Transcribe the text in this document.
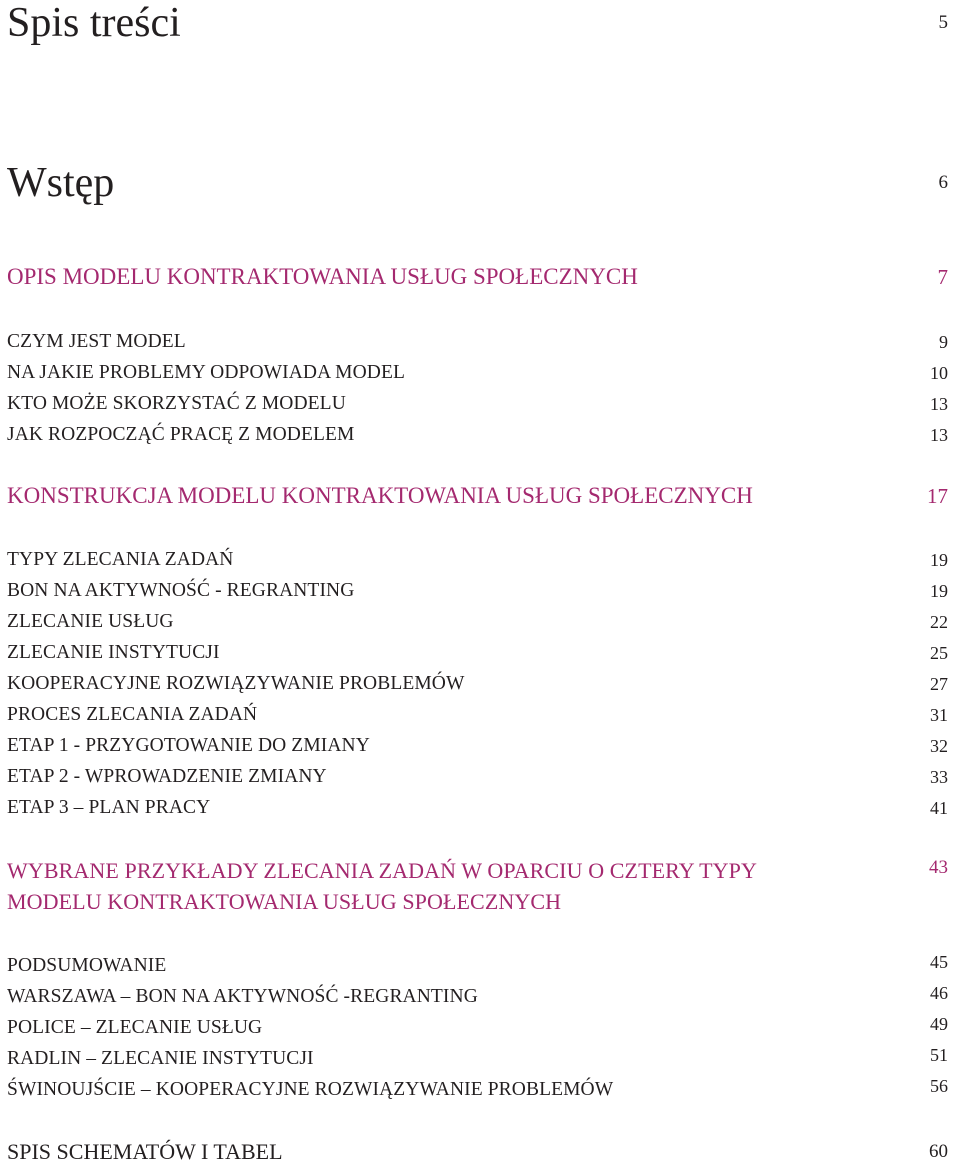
Spis treści	5
Wstęp	6
OPIS MODELU KONTRAKTOWANIA USŁUG SPOŁECZNYCH	7
CZYM JEST MODEL	9
NA JAKIE PROBLEMY ODPOWIADA MODEL	10
KTO MOŻE SKORZYSTAĆ Z MODELU	13
JAK ROZPOCZĄĆ PRACĘ Z MODELEM	13
KONSTRUKCJA MODELU KONTRAKTOWANIA USŁUG SPOŁECZNYCH	17
TYPY ZLECANIA ZADAŃ	19
BON NA AKTYWNOŚĆ - REGRANTING	19
ZLECANIE USŁUG	22
ZLECANIE INSTYTUCJI	25
KOOPERACYJNE ROZWIĄZYWANIE PROBLEMÓW	27
PROCES ZLECANIA ZADAŃ	31
ETAP 1 - PRZYGOTOWANIE DO ZMIANY	32
ETAP 2 - WPROWADZENIE ZMIANY	33
ETAP 3 – PLAN PRACY	41
WYBRANE PRZYKŁADY ZLECANIA ZADAŃ W OPARCIU O CZTERY TYPY
MODELU KONTRAKTOWANIA USŁUG SPOŁECZNYCH
43
PODSUMOWANIE	45
WARSZAWA – BON NA AKTYWNOŚĆ -REGRANTING	46
POLICE – ZLECANIE USŁUG	49
RADLIN – ZLECANIE INSTYTUCJI	51
ŚWINOUJŚCIE – KOOPERACYJNE ROZWIĄZYWANIE PROBLEMÓW	56
SPIS SCHEMATÓW I TABEL	60
